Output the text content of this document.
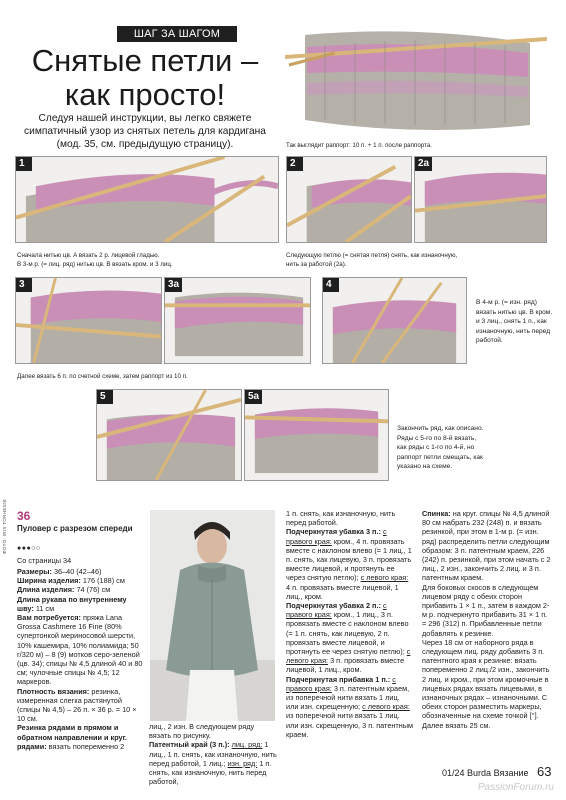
ШАГ ЗА ШАГОМ
Снятые петли –
как просто!
Следуя нашей инструкции, вы легко свяжете симпатичный узор из снятых петель для кардигана (мод. 35, см. предыдущую страницу).	Так выглядит раппорт: 10 п. + 1 п. после раппорта.
1
Сначала нитью цв. A вязать 2 р. лицевой гладью.
В 3-м р. (= лиц. ряд) нитью цв. B вязать кром. и 3 лиц.
2	2a
Следующую петлю (= снятая петля) снять, как изнаночную,
нить за работой (2a).
3	3a	4
В 4-м р. (= изн. ряд) вязать нитью цв. B кром. и 3 лиц., снять 1 п., как изнаночную, нить перед работой.
Далее вязать 6 п. по счетной схеме, затем раппорт из 10 п.
5	5a
Закончить ряд, как описано. Ряды с 5-го по 8-й вязать, как ряды с 1-го по 4-й, но раппорт петли смещать, как указано на схеме.
ФОТО: IRIS TORHEIDE 36
Пуловер с разрезом спереди
●●●○○
Со страницы 34

Размеры: 36–40 (42–46)

Ширина изделия: 176 (188) см

Длина изделия: 74 (76) см

Длина рукава по внутреннему шву: 11 см

Вам потребуется: пряжа Lana Grossa Cashmere 16 Fine (80% супертонкой мериносовой шерсти, 10% кашемира, 10% полиамида; 50 г/320 м) – 8 (9) мотков серо-зеленой (цв. 34); спицы № 4,5 длиной 40 и 80 см; чулочные спицы № 4,5; 12 маркеров.

Плотность вязания: резинка, измеренная слегка растянутой (спицы № 4,5) – 26 п. × 36 р. = 10 × 10 см.

Резинка рядами в прямом и обратном направлении и круг. рядами: вязать попеременно 2

лиц., 2 изн. В следующем ряду вязать по рисунку.
Патентный край (3 п.): лиц. ряд: 1 лиц., 1 п. снять, как изнаночную, нить перед работой, 1 лиц.; изн. ряд: 1 п. снять, как изнаночную, нить перед работой,
1 п. снять, как изнаночную, нить перед работой.
Подчеркнутая убавка 3 п.: с правого края: кром., 4 п. провязать вместе с наклоном влево (= 1 лиц., 1 п. снять, как лицевую, 3 п. провязать вместе лицевой, и протянуть ее через снятую петлю); с левого края: 4 п. провязать вместе лицевой, 1 лиц., кром.
Подчеркнутая убавка 2 п.: с правого края: кром., 1 лиц., 3 п. провязать вместе с наклоном влево (= 1 п. снять, как лицевую, 2 п. провязать вместе лицевой, и протянуть ее через снятую петлю); с левого края: 3 п. провязать вместе лицевой, 1 лиц., кром.
Подчеркнутая прибавка 1 п.: с правого края: 3 п. патентным краем, из поперечной нити вязать 1 лиц. или изн. скрещенную; с левого края: из поперечной нити вязать 1 лиц. или изн. скрещенную, 3 п. патентным краем.
Спинка: на круг. спицы № 4,5 длиной 80 см набрать 232 (248) п. и вязать резинкой, при этом в 1-м р. (= изн. ряд) распределить петли следующим образом: 3 п. патентным краем, 226 (242) п. резинкой, при этом начать с 2 лиц., 2 изн., закончить 2 лиц. и 3 п. патентным краем.
Для боковых скосов в следующем лицевом ряду с обеих сторон прибавить 1 × 1 п., затем в каждом 2-м р. подчеркнуто прибавить 31 × 1 п. = 296 (312) п. Прибавленные петли добавлять к резинке.
Через 18 см от наборного ряда в следующем лиц. ряду добавить 3 п. патентного края к резинке: вязать попеременно 2 лиц./2 изн., закончить 2 лиц. и кром., при этом кромочные в лицевых рядах вязать лицевыми, в изнаночных рядах – изнаночными. С обеих сторон разместить маркеры, обозначенные на схеме точкой [°]. Далее вязать 25 см.
01/24 Burda Вязание 63
PassionForum.ru
